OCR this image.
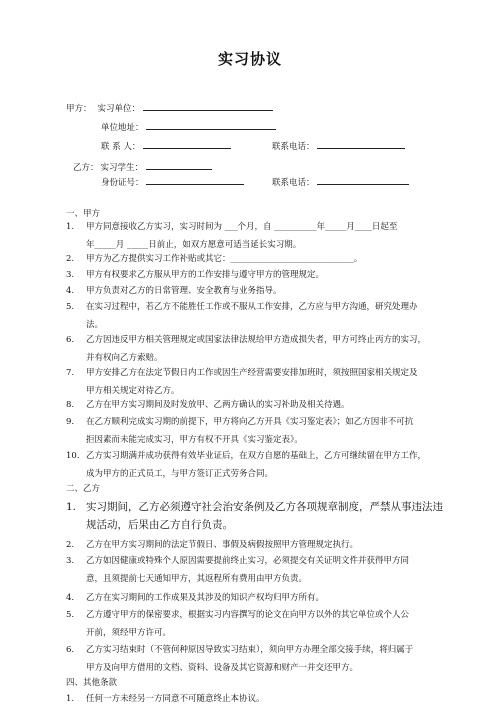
实习协议
甲方： 实习单位：
单位地址：
联 系 人：	联系电话：
乙方： 实习学生：
身份证号：	联系电话：
一、甲方
1. 甲方同意接收乙方实习，实习时间为 ___个月，自 __________年_____月____日起至
年_____月 _____日前止，如双方愿意可适当延长实习期。
2. 甲方为乙方提供实习工作补贴或其它：_____________________________。
3. 甲方有权要求乙方服从甲方的工作安排与遵守甲方的管理规定。
4. 甲方负责对乙方的日常管理、安全教育与业务指导。
5. 在实习过程中，若乙方不能胜任工作或不服从工作安排，乙方应与甲方沟通，研究处理办
法。
6. 乙方因违反甲方相关管理规定或国家法律法规给甲方造成损失者，甲方可终止丙方的实习，
并有权向乙方索赔。
7. 甲方安排乙方在法定节假日内工作或因生产经营需要安排加班时，须按照国家相关规定及
甲方相关规定对待乙方。
8. 乙方在甲方实习期间及时发放甲、乙两方确认的实习补助及相关待遇。
9. 在乙方顺利完成实习期的前提下，甲方将向乙方开具《实习鉴定表》；如乙方因非不可抗
拒因素而未能完成实习，甲方有权不开具《实习鉴定表》。
10. 乙方实习期满并成功获得有效毕业证后，在双方自愿的基础上，乙方可继续留在甲方工作，
成为甲方的正式员工，与甲方签订正式劳务合同。
二、乙方
1. 实习期间，乙方必须遵守社会治安条例及乙方各项规章制度，严禁从事违法违
规活动，后果由乙方自行负责。
2. 乙方在甲方实习期间的法定节假日、事假及病假按照甲方管理规定执行。
3. 乙方如因健康或特殊个人原因需要提前终止实习，必须提交有关证明文件并获得甲方同
意，且须提前七天通知甲方，其返程所有费用由甲方负责。
4. 乙方在实习期间的工作成果及其涉及的知识产权均归甲方所有。
5. 乙方遵守甲方的保密要求，根据实习内容撰写的论文在向甲方以外的其它单位或个人公
开前，须经甲方许可。
6. 乙方实习结束时（不管何种原因导致实习结束），须向甲方办理全部交接手续，将归属于
甲方及向甲方借用的文档、资料、设备及其它资源和财产一并交还甲方。
四、其他条款
1. 任何一方未经另一方同意不可随意终止本协议。
